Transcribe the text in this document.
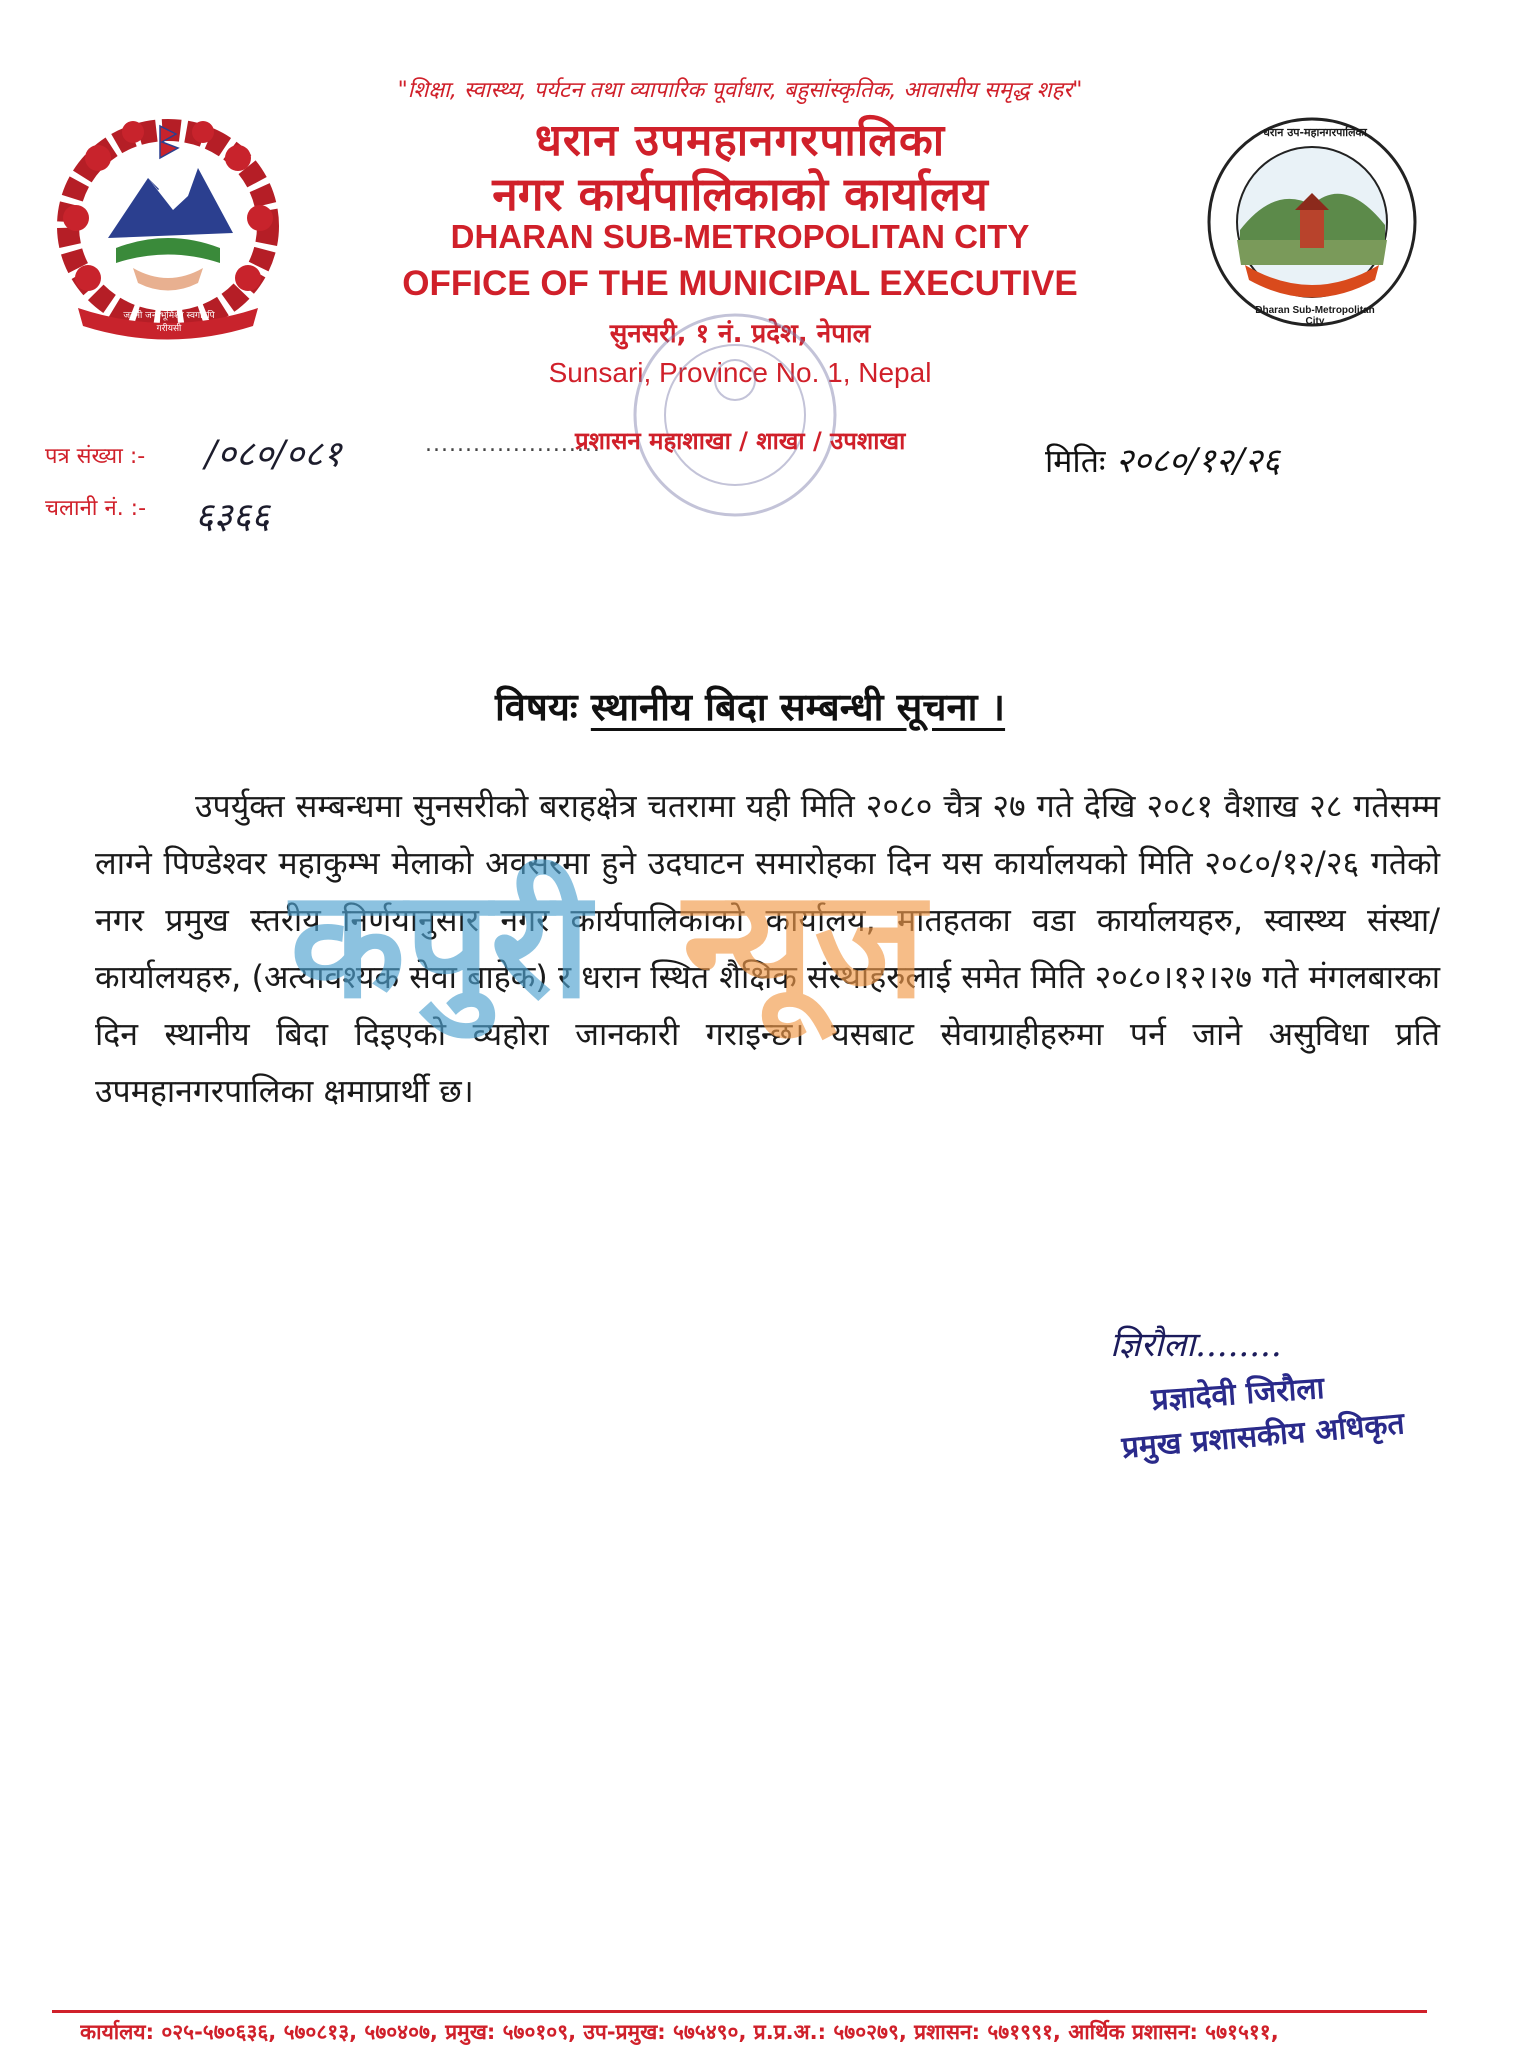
जननी जन्मभूमिश्च स्वर्गादपि गरीयसी
धरान उप-महानगरपालिका
Dharan Sub-Metropolitan City
"शिक्षा, स्वास्थ्य, पर्यटन तथा व्यापारिक पूर्वाधार, बहुसांस्कृतिक, आवासीय समृद्ध शहर"
धरान उपमहानगरपालिका
नगर कार्यपालिकाको कार्यालय
DHARAN SUB-METROPOLITAN CITY
OFFICE OF THE MUNICIPAL EXECUTIVE
सुनसरी, १ नं. प्रदेश, नेपाल
Sunsari, Province No. 1, Nepal
पत्र संख्या :- /०८०/०८१	......................
प्रशासन महाशाखा / शाखा / उपशाखा
मितिः २०८०/१२/२६
चलानी नं. :- ६३६६
विषयः स्थानीय बिदा सम्बन्धी सूचना ।

उपर्युक्त सम्बन्धमा सुनसरीको बराहक्षेत्र चतरामा यही मिति २०८० चैत्र २७ गते देखि २०८१ वैशाख २८ गतेसम्म लाग्ने पिण्डेश्वर महाकुम्भ मेलाको अवसरमा हुने उदघाटन समारोहका दिन यस कार्यालयको मिति २०८०/१२/२६ गतेको नगर प्रमुख स्तरीय निर्णयानुसार नगर कार्यपालिकाको कार्यालय, मातहतका वडा कार्यालयहरु, स्वास्थ्य संस्था/कार्यालयहरु, (अत्यावश्यक सेवा बाहेक) र धरान स्थित शैक्षिक संस्थाहरुलाई समेत मिति २०८०।१२।२७ गते मंगलबारका दिन स्थानीय बिदा दिइएको व्यहोरा जानकारी गराइन्छ। यसबाट सेवाग्राहीहरुमा पर्न जाने असुविधा प्रति उपमहानगरपालिका क्षमाप्रार्थी छ।

कपुरी न्यूज
ज्ञिरौला........
प्रज्ञादेवी जिरौला
प्रमुख प्रशासकीय अधिकृत
कार्यालय: ०२५-५७०६३६, ५७०८१३, ५७०४०७, प्रमुख: ५७०१०९, उप-प्रमुख: ५७५४९०, प्र.प्र.अ.: ५७०२७९, प्रशासन: ५७१९९१, आर्थिक प्रशासन: ५७१५११,
